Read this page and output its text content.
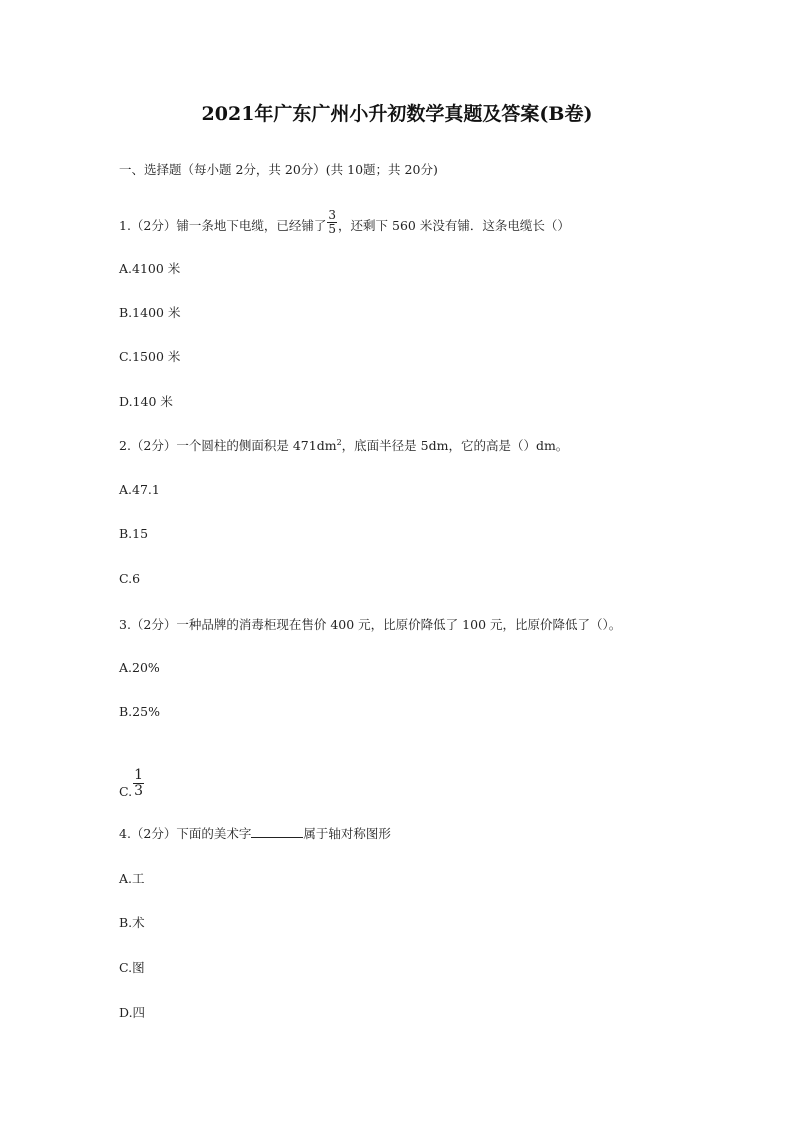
2021年广东广州小升初数学真题及答案(B卷)
一、选择题（每小题 2分，共 20分）(共 10题；共 20分)
1.（2分）铺一条地下电缆，已经铺了 $\frac{3}{5}$ ，还剩下 560 米没有铺．这条电缆长（）
A.4100 米
B.1400 米
C.1500 米
D.140 米
2.（2分）一个圆柱的侧面积是 $471dm^2$，底面半径是 5dm，它的高是（）dm。
A.47.1
B.15
C.6
3.（2分）一种品牌的消毒柜现在售价 400 元，比原价降低了 100 元，比原价降低了（）。
A.20%
B.25%
C. $\frac{1}{3}$
4.（2分）下面的美术字	属于轴对称图形
A.工
B.术
C.图
D.四
